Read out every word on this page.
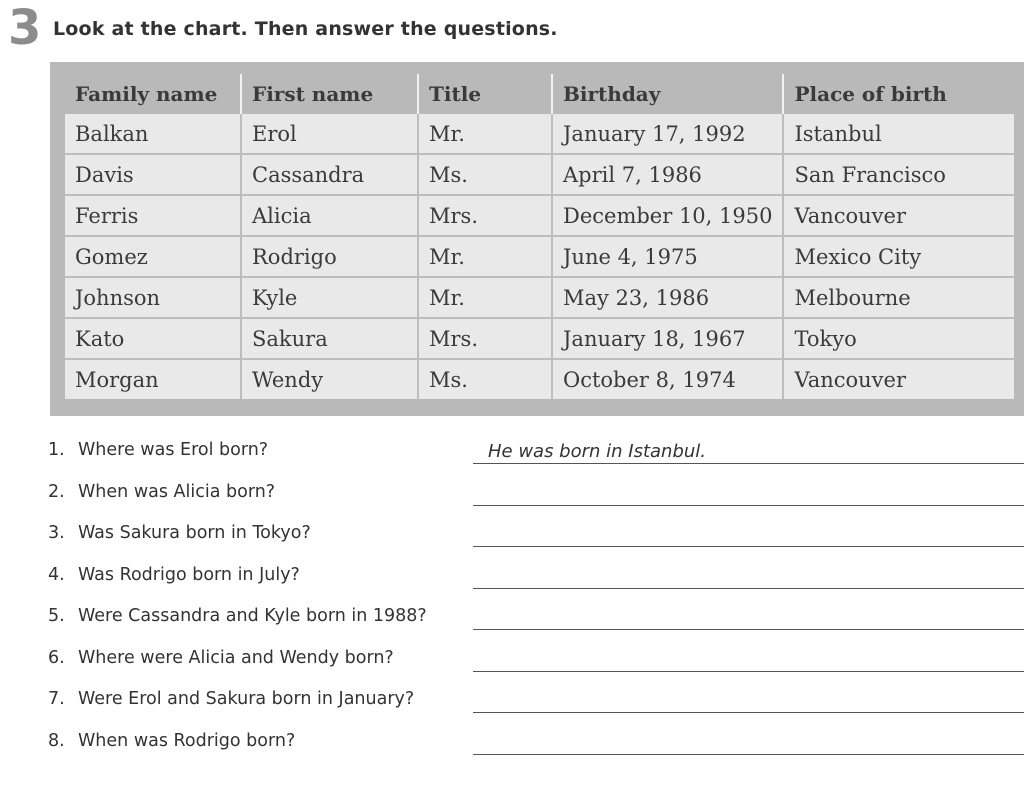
3 Look at the chart. Then answer the questions.
Family name	First name	Title	Birthday	Place of birth
Balkan	Erol	Mr.	January 17, 1992	Istanbul
Davis	Cassandra	Ms.	April 7, 1986	San Francisco
Ferris	Alicia	Mrs.	December 10, 1950	Vancouver
Gomez	Rodrigo	Mr.	June 4, 1975	Mexico City
Johnson	Kyle	Mr.	May 23, 1986	Melbourne
Kato	Sakura	Mrs.	January 18, 1967	Tokyo
Morgan	Wendy	Ms.	October 8, 1974	Vancouver
1. Where was Erol born?	He was born in Istanbul.
2. When was Alicia born?
3. Was Sakura born in Tokyo?
4. Was Rodrigo born in July?
5. Were Cassandra and Kyle born in 1988?
6. Where were Alicia and Wendy born?
7. Were Erol and Sakura born in January?
8. When was Rodrigo born?
